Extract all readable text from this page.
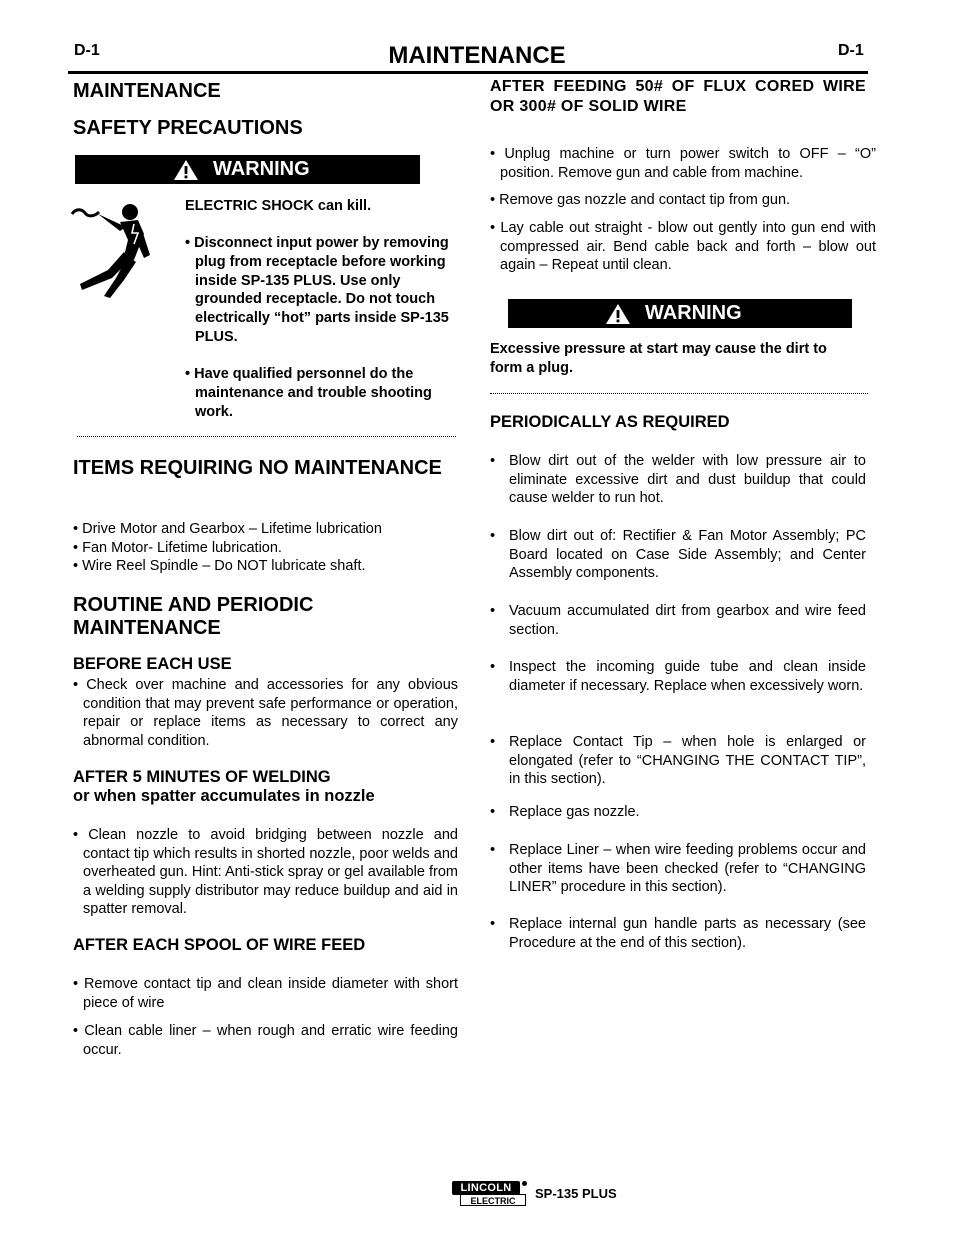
D-1	MAINTENANCE	D-1
MAINTENANCE
SAFETY PRECAUTIONS
WARNING
ELECTRIC SHOCK can kill.
• Disconnect input power by removing plug from receptacle before working inside SP-135 PLUS. Use only grounded receptacle. Do not touch electrically “hot” parts inside SP-135 PLUS.
• Have qualified personnel do the maintenance and trouble shooting work.
ITEMS REQUIRING NO MAINTENANCE
• Drive Motor and Gearbox – Lifetime lubrication
• Fan Motor- Lifetime lubrication.
• Wire Reel Spindle – Do NOT lubricate shaft.
ROUTINE AND PERIODIC MAINTENANCE
BEFORE EACH USE
• Check over machine and accessories for any obvious condition that may prevent safe performance or operation, repair or replace items as necessary to correct any abnormal condition.
AFTER 5 MINUTES OF WELDING
or when spatter accumulates in nozzle
• Clean nozzle to avoid bridging between nozzle and contact tip which results in shorted nozzle, poor welds and overheated gun. Hint: Anti-stick spray or gel available from a welding supply distributor may reduce buildup and aid in spatter removal.
AFTER EACH SPOOL OF WIRE FEED
• Remove contact tip and clean inside diameter with short piece of wire
• Clean cable liner – when rough and erratic wire feeding occur.
AFTER FEEDING 50# OF FLUX CORED WIRE OR 300# OF SOLID WIRE
• Unplug machine or turn power switch to OFF – “O” position. Remove gun and cable from machine.
• Remove gas nozzle and contact tip from gun.
• Lay cable out straight - blow out gently into gun end with compressed air. Bend cable back and forth – blow out again – Repeat until clean.
WARNING
Excessive pressure at start may cause the dirt to form a plug.
PERIODICALLY AS REQUIRED
• Blow dirt out of the welder with low pressure air to eliminate excessive dirt and dust buildup that could cause welder to run hot.
• Blow dirt out of: Rectifier & Fan Motor Assembly; PC Board located on Case Side Assembly; and Center Assembly components.
• Vacuum accumulated dirt from gearbox and wire feed section.
• Inspect the incoming guide tube and clean inside diameter if necessary. Replace when excessively worn.
• Replace Contact Tip – when hole is enlarged or elongated (refer to “CHANGING THE CONTACT TIP”, in this section).
• Replace gas nozzle.
• Replace Liner – when wire feeding problems occur and other items have been checked (refer to “CHANGING LINER” procedure in this section).
• Replace internal gun handle parts as necessary (see Procedure at the end of this section).
LINCOLN
ELECTRIC	SP-135 PLUS
